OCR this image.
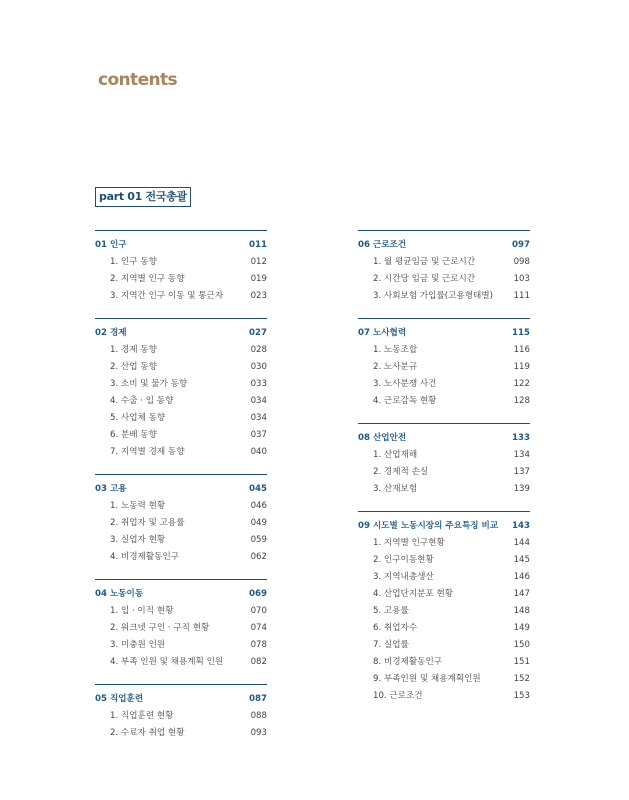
contents
part 01 전국총괄
01 인구	011
1. 인구 동향	012
2. 지역별 인구 동향	019
3. 지역간 인구 이동 및 통근자	023
02 경제	027
1. 경제 동향	028
2. 산업 동향	030
3. 소비 및 물가 동향	033
4. 수출 · 입 동향	034
5. 사업체 동향	034
6. 분배 동향	037
7. 지역별 경제 동향	040
03 고용	045
1. 노동력 현황	046
2. 취업자 및 고용률	049
3. 실업자 현황	059
4. 비경제활동인구	062
04 노동이동	069
1. 입 · 이직 현황	070
2. 워크넷 구인 · 구직 현황	074
3. 미충원 인원	078
4. 부족 인원 및 채용계획 인원	082
05 직업훈련	087
1. 직업훈련 현황	088
2. 수료자 취업 현황	093
06 근로조건	097
1. 월 평균임금 및 근로시간	098
2. 시간당 임금 및 근로시간	103
3. 사회보험 가입률(고용형태별) 111
07 노사협력	115
1. 노동조합	116
2. 노사분규	119
3. 노사분쟁 사건	122
4. 근로감독 현황	128
08 산업안전	133
1. 산업재해	134
2. 경제적 손실	137
3. 산재보험	139
09 시도별 노동시장의 주요특징 비교 143
1. 지역별 인구현황	144
2. 인구이동현황	145
3. 지역내총생산	146
4. 산업단지분포 현황	147
5. 고용률	148
6. 취업자수	149
7. 실업률	150
8. 비경제활동인구	151
9. 부족인원 및 채용계획인원	152
10. 근로조건	153
